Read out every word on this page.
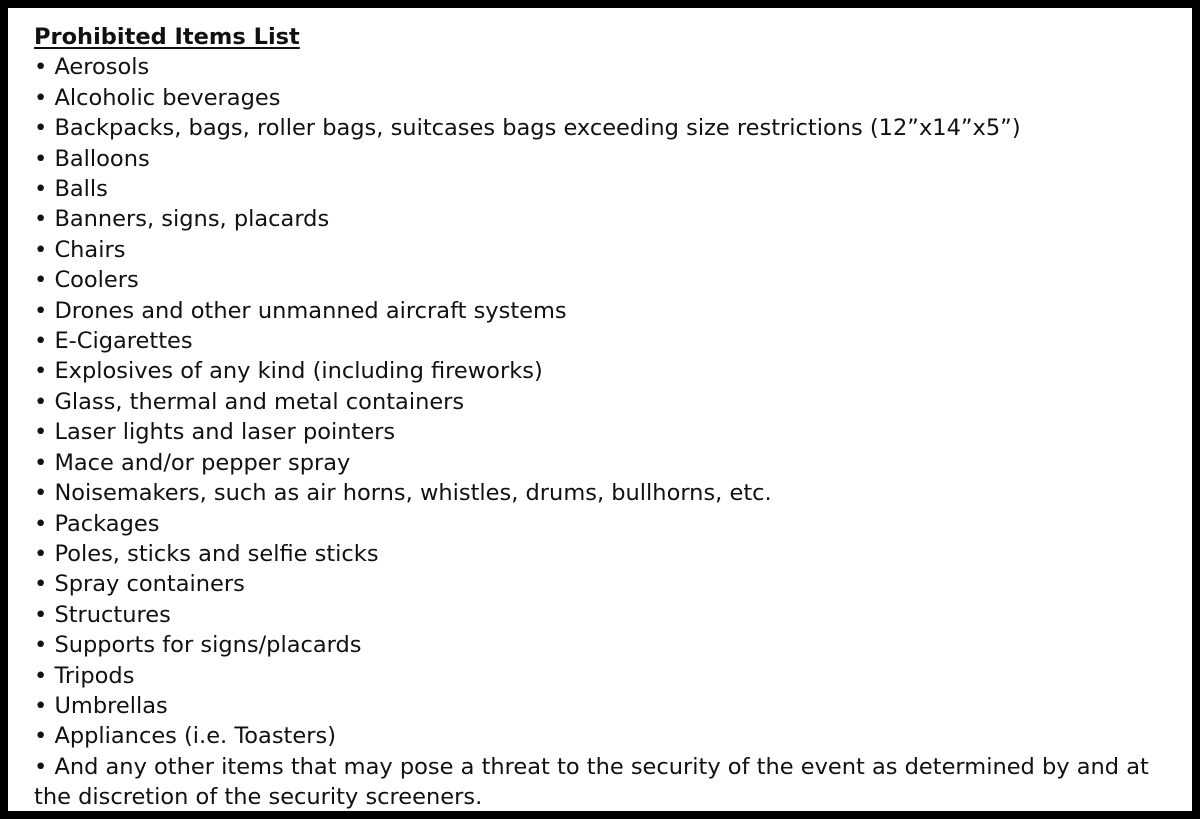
Prohibited Items List
• Aerosols
• Alcoholic beverages
• Backpacks, bags, roller bags, suitcases bags exceeding size restrictions (12”x14”x5”)
• Balloons
• Balls
• Banners, signs, placards
• Chairs
• Coolers
• Drones and other unmanned aircraft systems
• E-Cigarettes
• Explosives of any kind (including fireworks)
• Glass, thermal and metal containers
• Laser lights and laser pointers
• Mace and/or pepper spray
• Noisemakers, such as air horns, whistles, drums, bullhorns, etc.
• Packages
• Poles, sticks and selfie sticks
• Spray containers
• Structures
• Supports for signs/placards
• Tripods
• Umbrellas
• Appliances (i.e. Toasters)
• And any other items that may pose a threat to the security of the event as determined by and at the discretion of the security screeners.
